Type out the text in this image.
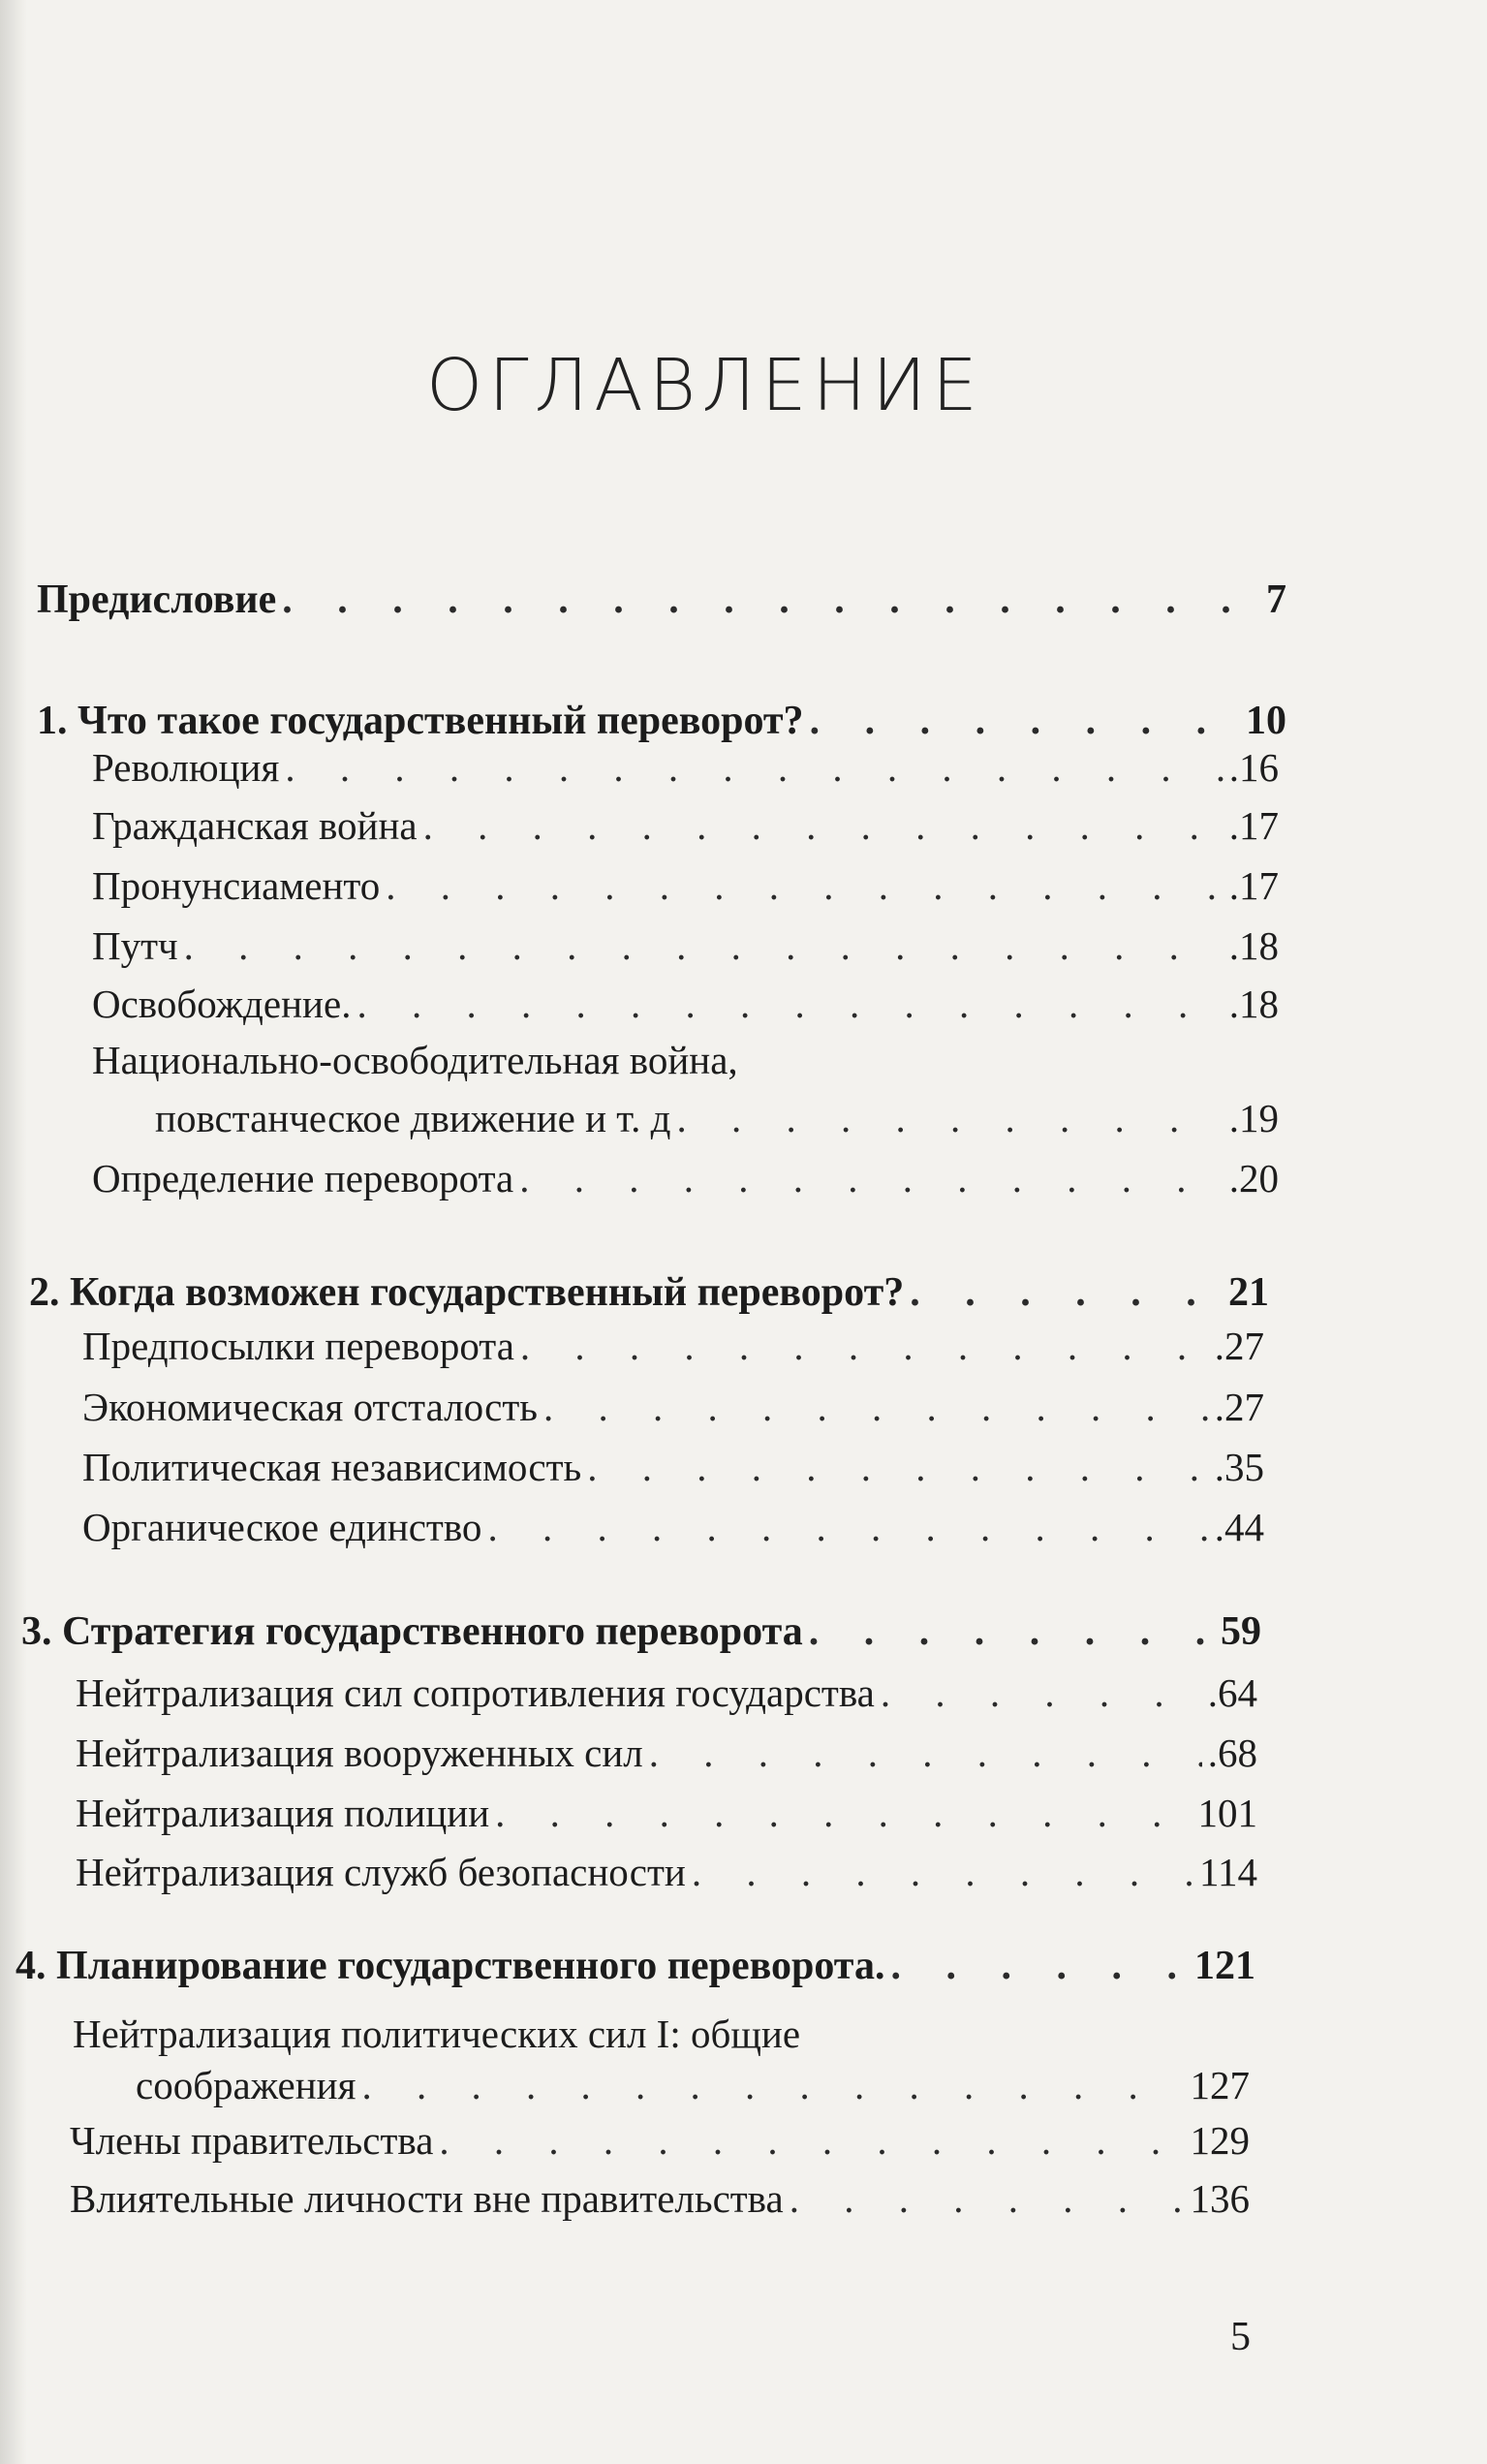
ОГЛАВЛЕНИЕ
Предисловие . . .	7
1. Что такое государственный переворот? . . .	10
Революция . . .	.16
Гражданская война . . .	.17
Пронунсиаменто . . .	.17
Путч . . .	.18
Освобождение. . . .	.18
Национально-освободительная война,
повстанческое движение и т. д . . .	.19
Определение переворота . . .	.20
2. Когда возможен государственный переворот? . . .	21
Предпосылки переворота . . .	.27
Экономическая отсталость . . .	.27
Политическая независимость . . .	.35
Органическое единство . . .	.44
3. Стратегия государственного переворота . . .	59
Нейтрализация сил сопротивления государства . . .	.64
Нейтрализация вооруженных сил . . .	.68
Нейтрализация полиции . . .	101
Нейтрализация служб безопасности . . .	114
4. Планирование государственного переворота. . . .	121
Нейтрализация политических сил I: общие
соображения . . .	127
Члены правительства . . .	129
Влиятельные личности вне правительства . . .	136
5
